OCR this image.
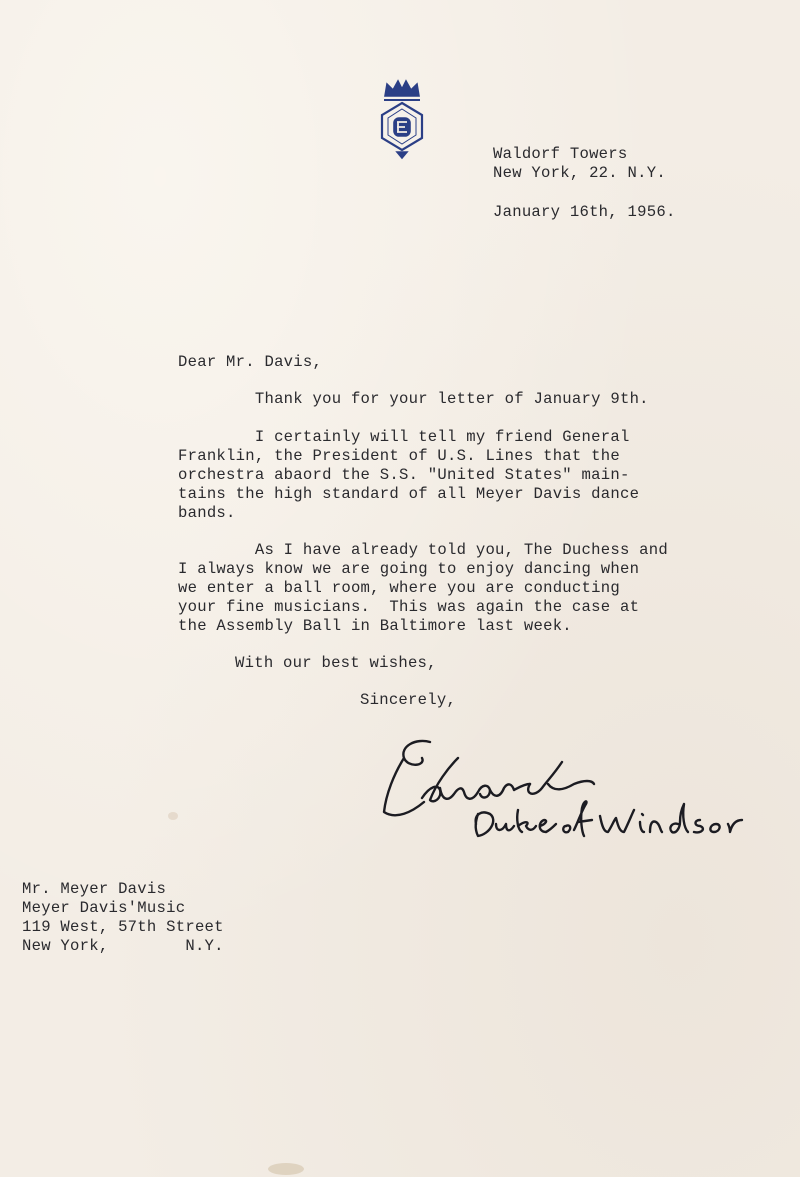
Waldorf Towers
New York, 22. N.Y.
January 16th, 1956.
Dear Mr. Davis,
Thank you for your letter of January 9th.
I certainly will tell my friend General
Franklin, the President of U.S. Lines that the
orchestra abaord the S.S. "United States" main-
tains the high standard of all Meyer Davis dance
bands.
As I have already told you, The Duchess and
I always know we are going to enjoy dancing when
we enter a ball room, where you are conducting
your fine musicians.  This was again the case at
the Assembly Ball in Baltimore last week.
With our best wishes,
Sincerely,
Mr. Meyer Davis
Meyer Davis'Music
119 West, 57th Street
New York,        N.Y.
